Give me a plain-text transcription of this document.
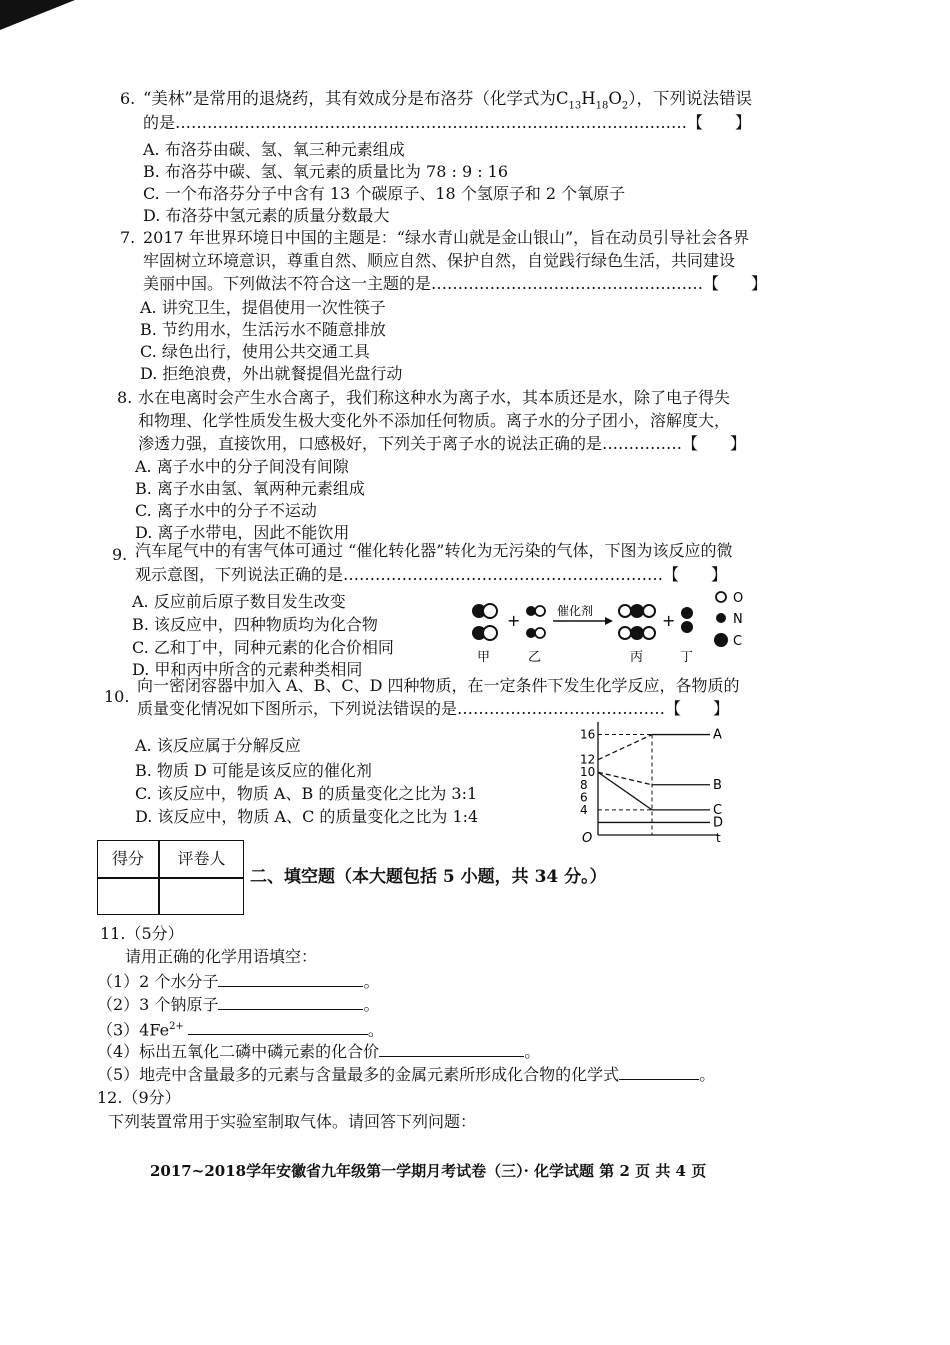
6. “美林”是常用的退烧药，其有效成分是布洛芬（化学式为$C_{13}H_{18}O_2$），下列说法错误
的是……………………………………………………………………………………【　　】
A. 布洛芬由碳、氢、氧三种元素组成
B. 布洛芬中碳、氢、氧元素的质量比为 78 : 9 : 16
C. 一个布洛芬分子中含有 13 个碳原子、18 个氢原子和 2 个氧原子
D. 布洛芬中氢元素的质量分数最大
7. 2017 年世界环境日中国的主题是：“绿水青山就是金山银山”，旨在动员引导社会各界
牢固树立环境意识，尊重自然、顺应自然、保护自然，自觉践行绿色生活，共同建设
美丽中国。下列做法不符合这一主题的是……………………………………………【　　】
A. 讲究卫生，提倡使用一次性筷子
B. 节约用水，生活污水不随意排放
C. 绿色出行，使用公共交通工具
D. 拒绝浪费，外出就餐提倡光盘行动
8. 水在电离时会产生水合离子，我们称这种水为离子水，其本质还是水，除了电子得失
和物理、化学性质发生极大变化外不添加任何物质。离子水的分子团小，溶解度大，
渗透力强，直接饮用，口感极好，下列关于离子水的说法正确的是……………【　　】
A. 离子水中的分子间没有间隙
B. 离子水由氢、氧两种元素组成
C. 离子水中的分子不运动
D. 离子水带电，因此不能饮用
9. 汽车尾气中的有害气体可通过 “催化转化器”转化为无污染的气体，下图为该反应的微
观示意图，下列说法正确的是……………………………………………………【　　】
A. 反应前后原子数目发生改变
B. 该反应中，四种物质均为化合物
C. 乙和丁中，同种元素的化合价相同
D. 甲和丙中所含的元素种类相同
+	催化剂	+
O
N
C
甲	乙	丙	丁
10.
向一密闭容器中加入 A、B、C、D 四种物质，在一定条件下发生化学反应，各物质的
质量变化情况如下图所示，下列说法错误的是…………………………………【　　】
A. 该反应属于分解反应
B. 物质 D 可能是该反应的催化剂
C. 该反应中，物质 A、B 的质量变化之比为 3:1
D. 该反应中，物质 A、C 的质量变化之比为 1:4
O	t
16
12
10
8
6
4
A
B
C
D
得分	评卷人
二、填空题（本大题包括 5 小题，共 34 分。）
11.（5分）
请用正确的化学用语填空：
（1）2 个水分子	。
（2）3 个钠原子	。
$(3)4Fe^{2+}$	。
（4）标出五氧化二磷中磷元素的化合价	。
（5）地壳中含量最多的元素与含量最多的金属元素所形成化合物的化学式	。
12.（9分）
下列装置常用于实验室制取气体。请回答下列问题：
2017~2018学年安徽省九年级第一学期月考试卷（三）· 化学试题 第 2 页 共 4 页
